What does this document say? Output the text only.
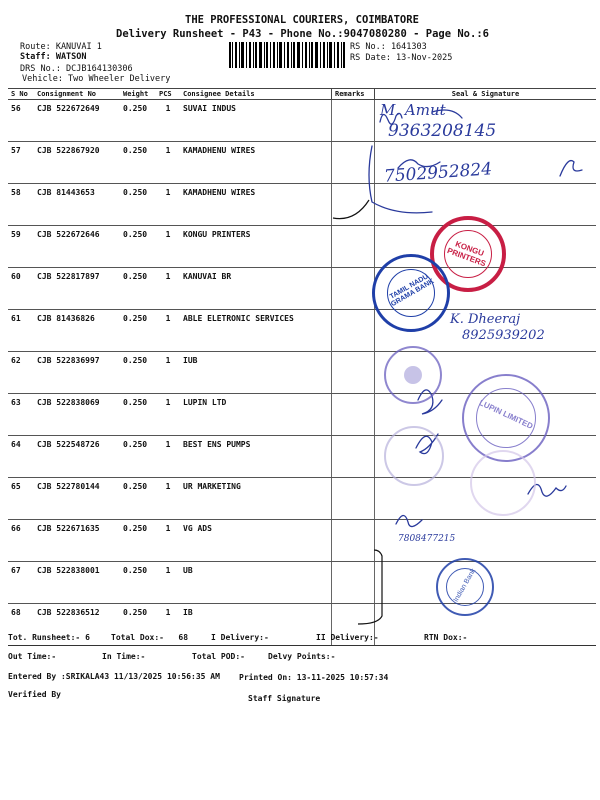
THE PROFESSIONAL COURIERS, COIMBATORE
Delivery Runsheet - P43 - Phone No.:9047080280 - Page No.:6
Route: KANUVAI 1
Staff: WATSON
DRS No.: DCJB164130306
Vehicle: Two Wheeler Delivery
RS No.: 1641303
RS Date: 13-Nov-2025
S No	Consignment No	Weight	PCS	Consignee Details	Remarks	Seal & Signature
56	CJB 522672649	0.250	1	SUVAI INDUS		
57	CJB 522867920	0.250	1	KAMADHENU WIRES		
58	CJB 81443653	0.250	1	KAMADHENU WIRES		
59	CJB 522672646	0.250	1	KONGU PRINTERS		
60	CJB 522817897	0.250	1	KANUVAI BR		
61	CJB 81436826	0.250	1	ABLE ELETRONIC SERVICES		
62	CJB 522836997	0.250	1	IUB		
63	CJB 522838069	0.250	1	LUPIN LTD		
64	CJB 522548726	0.250	1	BEST ENS PUMPS		
65	CJB 522780144	0.250	1	UR MARKETING		
66	CJB 522671635	0.250	1	VG ADS		
67	CJB 522838001	0.250	1	UB		
68	CJB 522836512	0.250	1	IB		
M. Amut
9363208145
7502952824
K. Dheeraj
8925939202
7808477215
KONGU PRINTERS
TAMIL NADU GRAMA BANK
LUPIN LIMITED
Indian Bank
Tot. Runsheet:- 6	Total Dox:-   68	I Delivery:-	II Delivery:-	RTN Dox:-
Out Time:-	In Time:-	Total POD:-	Delvy Points:-
Entered By :SRIKALA43 11/13/2025 10:56:35 AM Printed On: 13-11-2025 10:57:34
Verified By	Staff Signature
